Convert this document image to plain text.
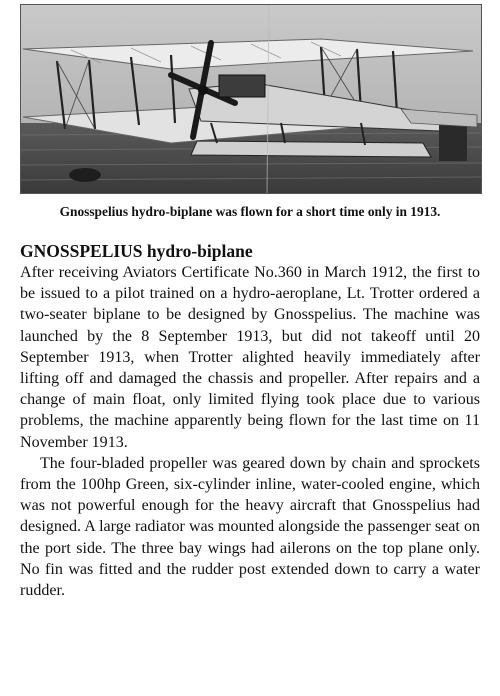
Gnosspelius hydro-biplane was flown for a short time only in 1913.
GNOSSPELIUS hydro-biplane

After receiving Aviators Certificate No.360 in March 1912, the first to be issued to a pilot trained on a hydro-aeroplane, Lt. Trotter ordered a two-seater biplane to be designed by Gnosspelius. The machine was launched by the 8 September 1913, but did not takeoff until 20 September 1913, when Trotter alighted heavily immediately after lifting off and damaged the chassis and propeller. After repairs and a change of main float, only limited flying took place due to various problems, the machine apparently being flown for the last time on 11 November 1913.

The four-bladed propeller was geared down by chain and sprockets from the 100hp Green, six-cylinder inline, water-cooled engine, which was not powerful enough for the heavy aircraft that Gnosspelius had designed. A large radiator was mounted alongside the passenger seat on the port side. The three bay wings had ailerons on the top plane only. No fin was fitted and the rudder post extended down to carry a water rudder.
